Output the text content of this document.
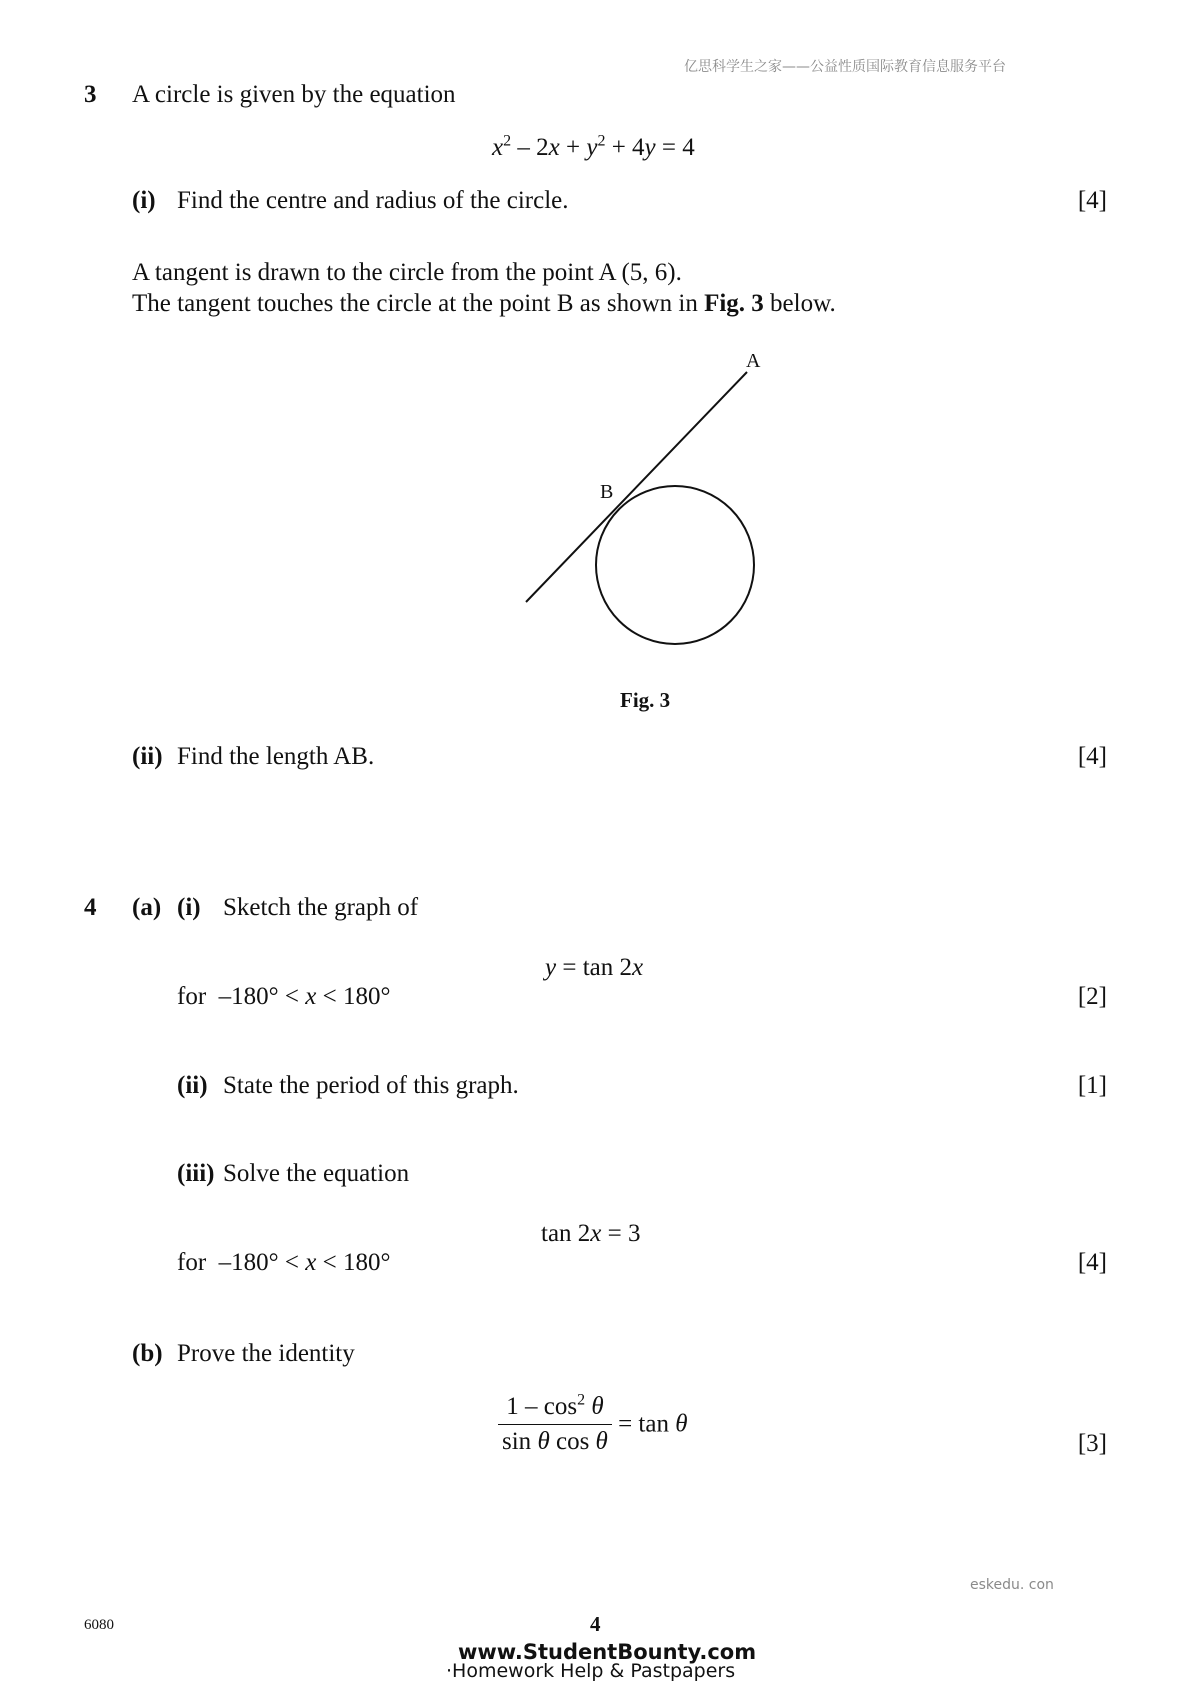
亿思科学生之家——公益性质国际教育信息服务平台
3 A circle is given by the equation
$x^2 - 2x + y^2 + 4y = 4$
(i) Find the centre and radius of the circle.	[4]
A tangent is drawn to the circle from the point A (5, 6).
The tangent touches the circle at the point B as shown in Fig. 3 below.
A
B
Fig. 3
(ii) Find the length AB.	[4]
4 (a) (i) Sketch the graph of
y = tan 2x
for –180° < x < 180°	[2]
(ii) State the period of this graph.	[1]
(iii) Solve the equation
tan 2x = 3
for –180° < x < 180°	[4]
(b) Prove the identity
$\frac{1 - \cos^2 \theta}{\text{sin θ cos θ}} = \tan \theta$
[3]
eskedu. con
6080	4
www.StudentBounty.com
·Homework Help & Pastpapers
